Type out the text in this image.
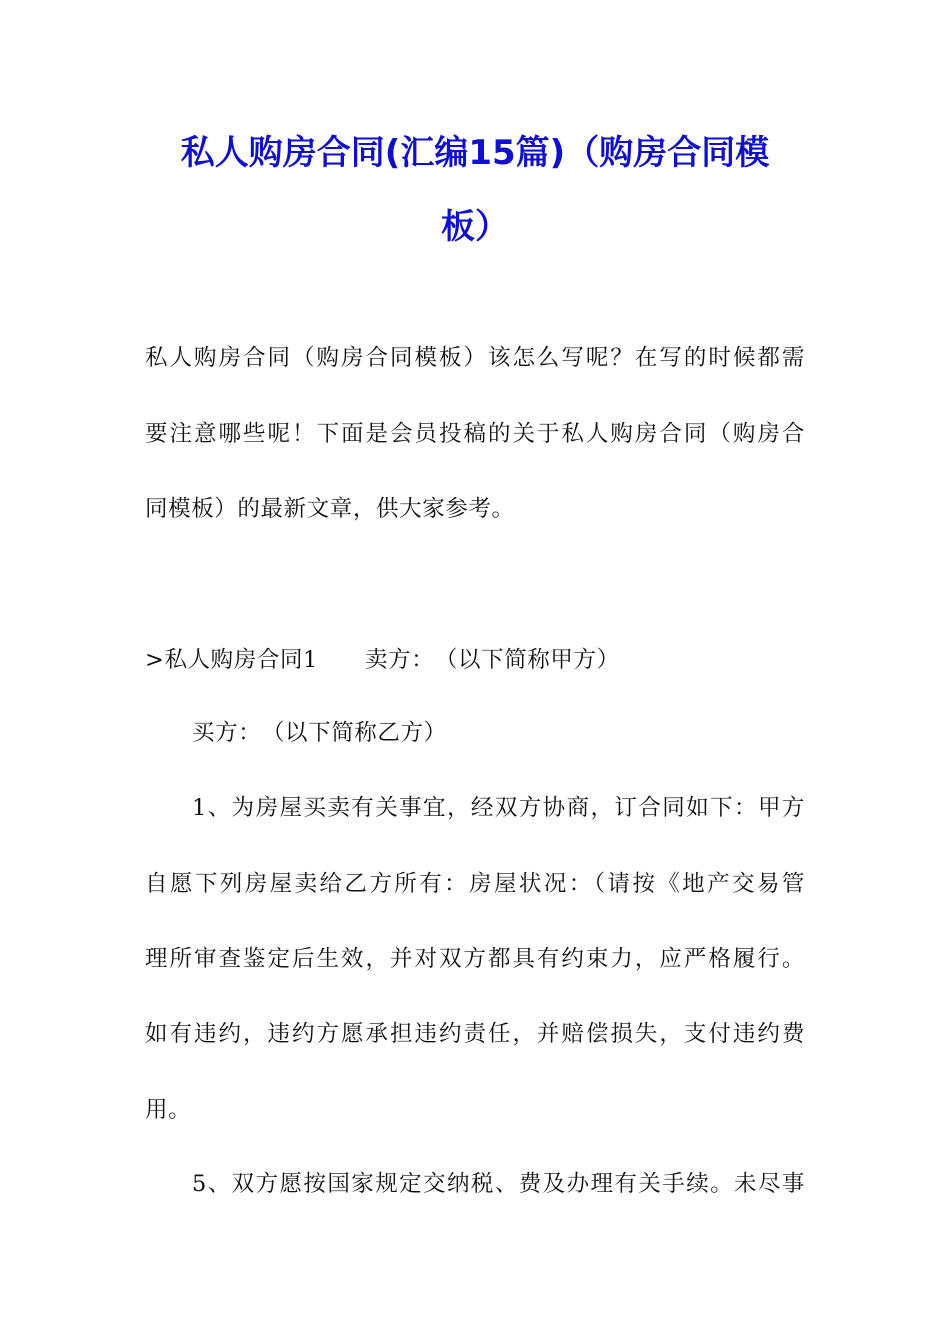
私人购房合同(汇编15篇)（购房合同模
板）

私人购房合同（购房合同模板）该怎么写呢？在写的时候都需

要注意哪些呢！下面是会员投稿的关于私人购房合同（购房合

同模板）的最新文章，供大家参考。

>私人购房合同1 卖方：　（以下简称甲方）

买方：　（以下简称乙方）

1、为房屋买卖有关事宜，经双方协商，订合同如下：甲方

自愿下列房屋卖给乙方所有：房屋状况：（请按《地产交易管

理所审查鉴定后生效，并对双方都具有约束力，应严格履行。

如有违约，违约方愿承担违约责任，并赔偿损失，支付违约费

用。

5、双方愿按国家规定交纳税、费及办理有关手续。未尽事
